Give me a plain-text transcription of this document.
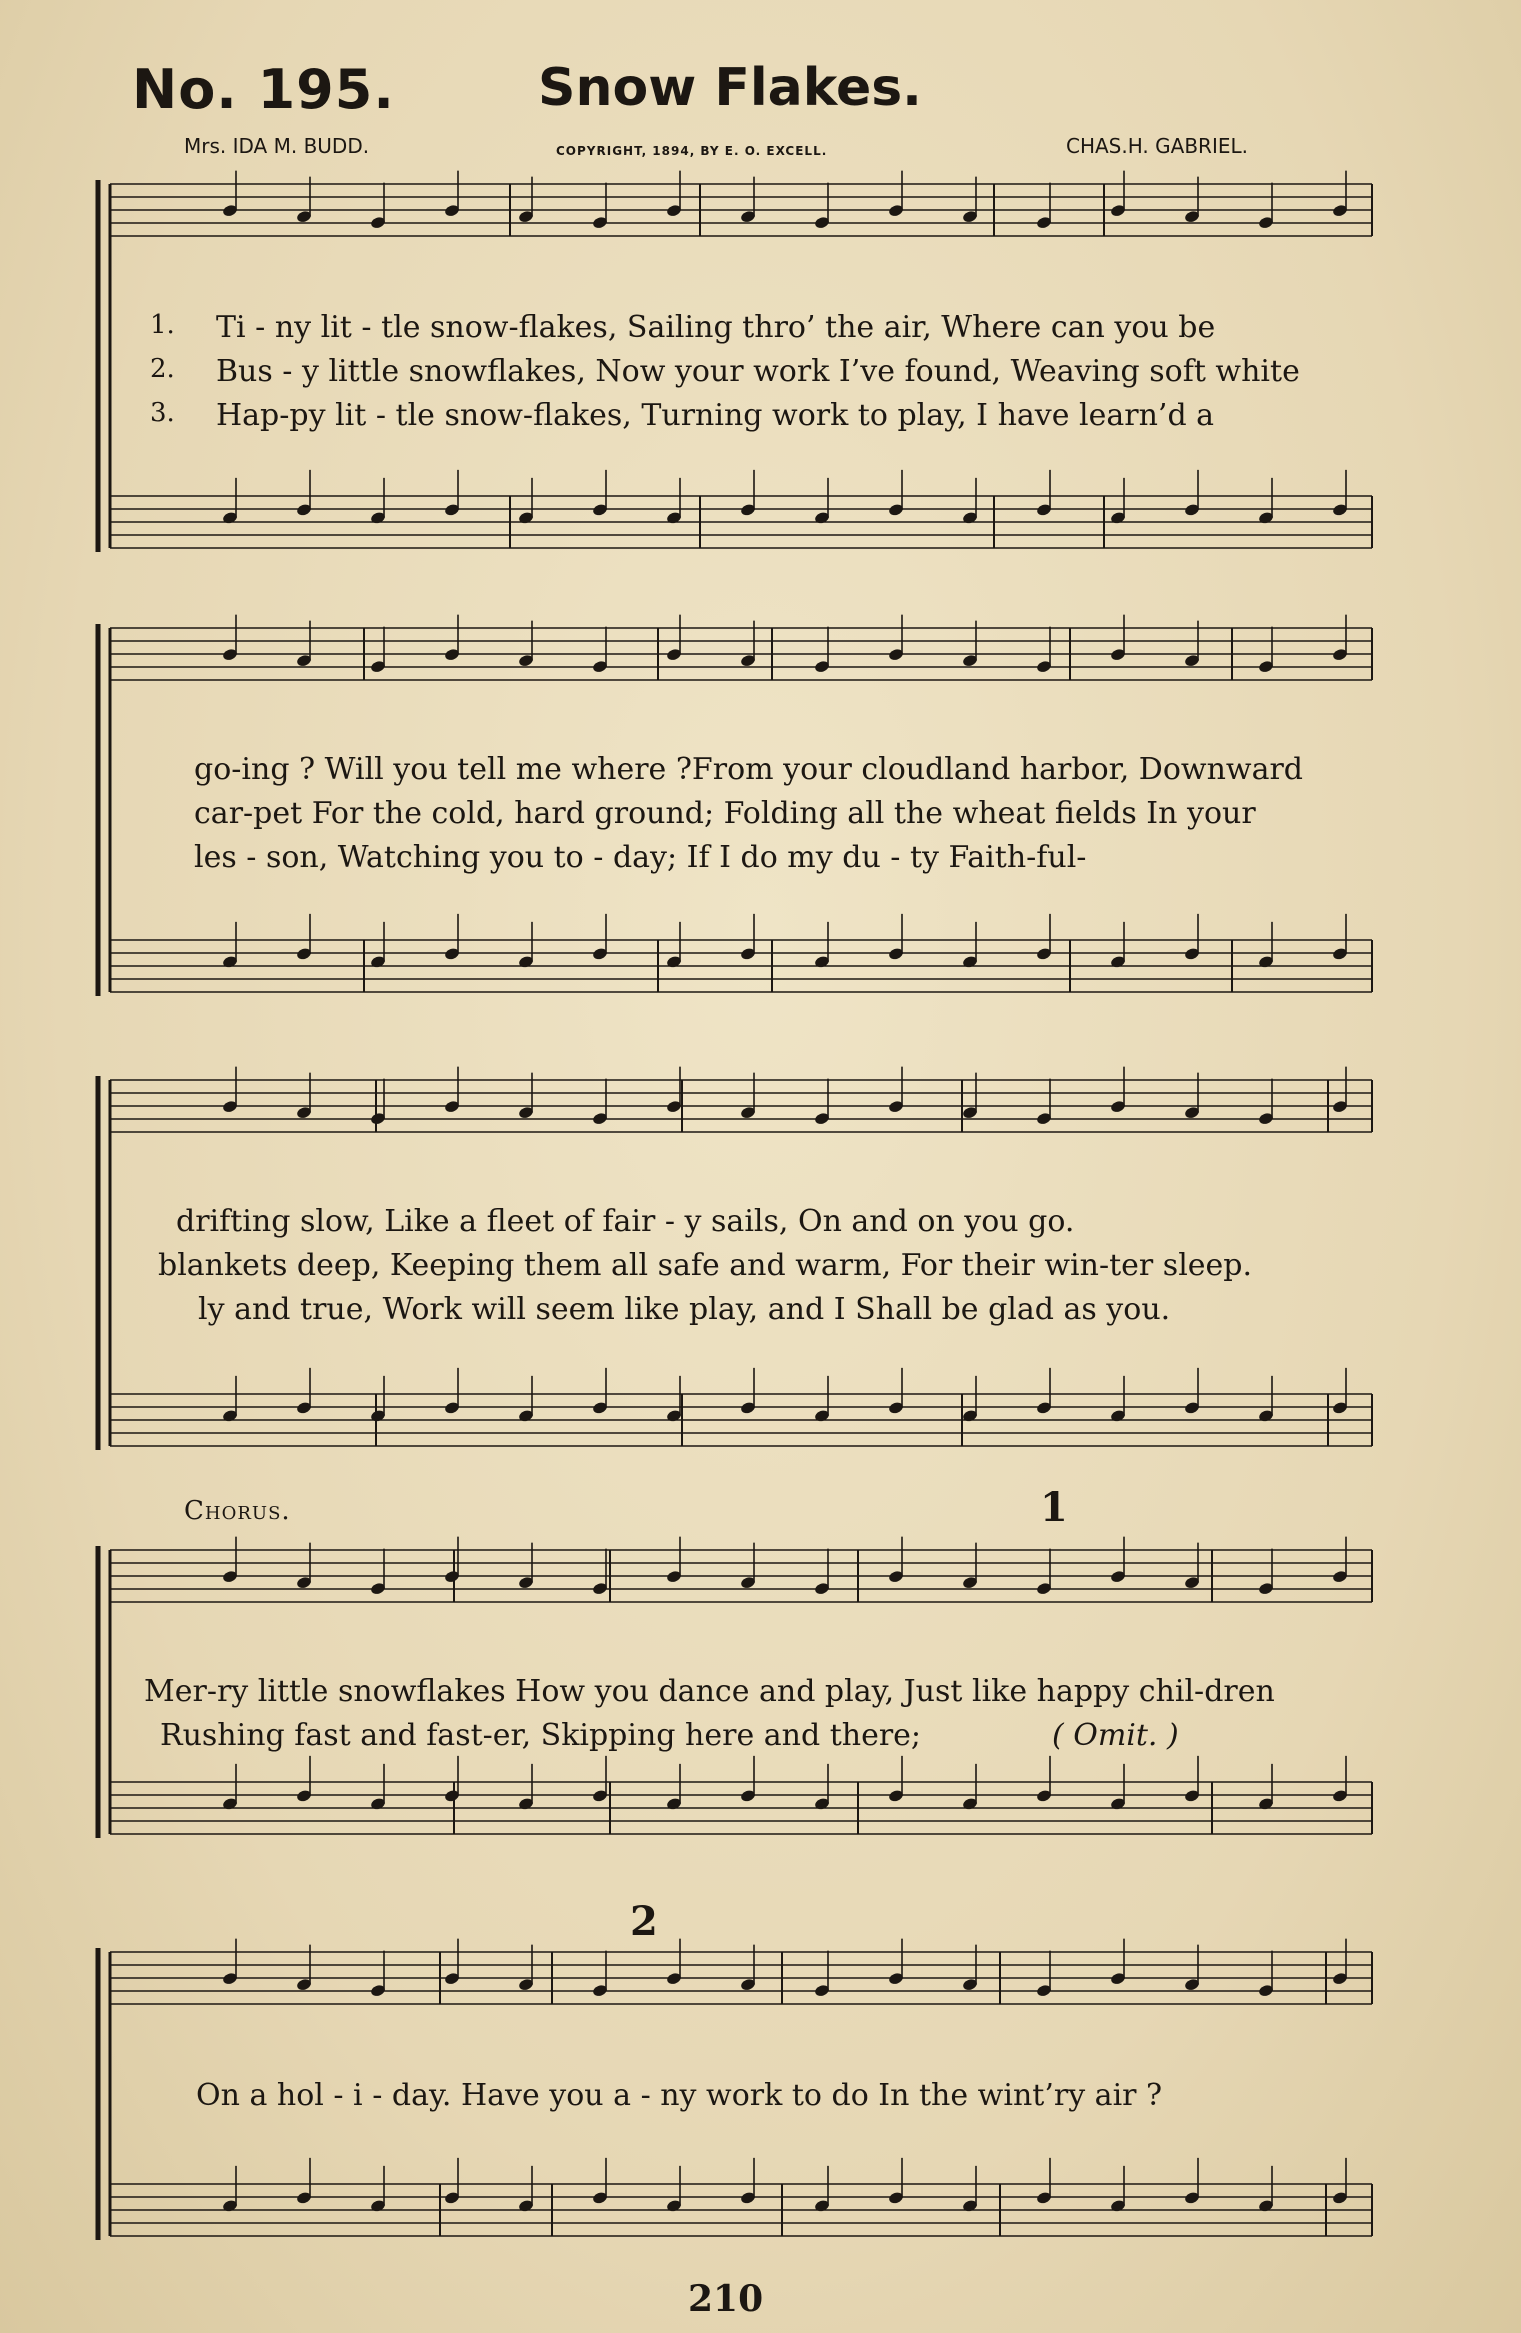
No. 195.	Snow Flakes.
Mrs. IDA M. BUDD.	COPYRIGHT, 1894, BY E. O. EXCELL.	CHAS.H. GABRIEL.
1. Ti - ny lit - tle snow-flakes, Sailing thro’ the air, Where can you be
2. Bus - y little snowflakes, Now your work I’ve found, Weaving soft white
3. Hap-py lit - tle snow-flakes, Turning work to play, I have learn’d a
go-ing ? Will you tell me where ?From your cloudland harbor, Downward
car-pet For the cold, hard ground; Folding all the wheat fields In your
les - son, Watching you to - day; If I do my du - ty Faith-ful-
drifting slow, Like a fleet of fair - y sails, On and on you go.
blankets deep, Keeping them all safe and warm, For their win-ter sleep.
ly and true, Work will seem like play, and I Shall be glad as you.
Chorus.	1
Mer-ry little snowflakes How you dance and play, Just like happy chil-dren
Rushing fast and fast-er, Skipping here and there;	( Omit. )
2
On a hol - i - day. Have you a - ny work to do In the wint’ry air ?
210
